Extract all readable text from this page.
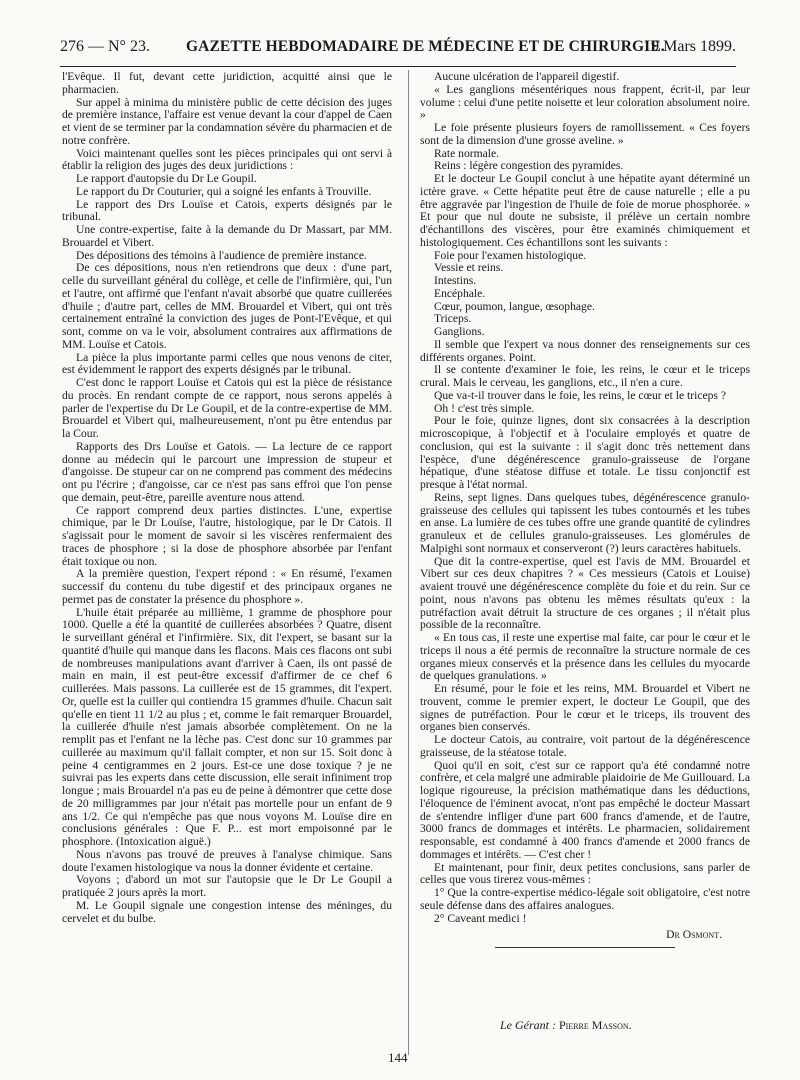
276 — N° 23. GAZETTE HEBDOMADAIRE DE MÉDECINE ET DE CHIRURGIE.
19 Mars 1899.

l'Evêque. Il fut, devant cette juridiction, acquitté ainsi que le pharmacien.

Sur appel à minima du ministère public de cette décision des juges de première instance, l'affaire est venue devant la cour d'appel de Caen et vient de se terminer par la condamnation sévère du pharmacien et de notre confrère.

Voici maintenant quelles sont les pièces principales qui ont servi à établir la religion des juges des deux juridictions :

Le rapport d'autopsie du Dr Le Goupil.

Le rapport du Dr Couturier, qui a soigné les enfants à Trouville.

Le rapport des Drs Louïse et Catois, experts désignés par le tribunal.

Une contre-expertise, faite à la demande du Dr Massart, par MM. Brouardel et Vibert.

Des dépositions des témoins à l'audience de première instance.

De ces dépositions, nous n'en retiendrons que deux : d'une part, celle du surveillant général du collège, et celle de l'infirmière, qui, l'un et l'autre, ont affirmé que l'enfant n'avait absorbé que quatre cuillerées d'huile ; d'autre part, celles de MM. Brouardel et Vibert, qui ont très certainement entraîné la conviction des juges de Pont-l'Evêque, et qui sont, comme on va le voir, absolument contraires aux affirmations de MM. Louïse et Catois.

La pièce la plus importante parmi celles que nous venons de citer, est évidemment le rapport des experts désignés par le tribunal.

C'est donc le rapport Louïse et Catois qui est la pièce de résistance du procès. En rendant compte de ce rapport, nous serons appelés à parler de l'expertise du Dr Le Goupil, et de la contre-expertise de MM. Brouardel et Vibert qui, malheureusement, n'ont pu être entendus par la Cour.

Rapports des Drs Louïse et Gatois. — La lecture de ce rapport donne au médecin qui le parcourt une impression de stupeur et d'angoisse. De stupeur car on ne comprend pas comment des médecins ont pu l'écrire ; d'angoisse, car ce n'est pas sans effroi que l'on pense que demain, peut-être, pareille aventure nous attend.

Ce rapport comprend deux parties distinctes. L'une, expertise chimique, par le Dr Louïse, l'autre, histologique, par le Dr Catois. Il s'agissait pour le moment de savoir si les viscères renfermaient des traces de phosphore ; si la dose de phosphore absorbée par l'enfant était toxique ou non.

A la première question, l'expert répond : « En résumé, l'examen successif du contenu du tube digestif et des principaux organes ne permet pas de constater la présence du phosphore ».

L'huile était préparée au millième, 1 gramme de phosphore pour 1000. Quelle a été la quantité de cuillerées absorbées ? Quatre, disent le surveillant général et l'infirmière. Six, dit l'expert, se basant sur la quantité d'huile qui manque dans les flacons. Mais ces flacons ont subi de nombreuses manipulations avant d'arriver à Caen, ils ont passé de main en main, il est peut-être excessif d'affirmer de ce chef 6 cuillerées. Mais passons. La cuillerée est de 15 grammes, dit l'expert. Or, quelle est la cuiller qui contiendra 15 grammes d'huile. Chacun sait qu'elle en tient 11 1/2 au plus ; et, comme le fait remarquer Brouardel, la cuillerée d'huile n'est jamais absorbée complètement. On ne la remplit pas et l'enfant ne la lèche pas. C'est donc sur 10 grammes par cuillerée au maximum qu'il fallait compter, et non sur 15. Soit donc à peine 4 centigrammes en 2 jours. Est-ce une dose toxique ? je ne suivrai pas les experts dans cette discussion, elle serait infiniment trop longue ; mais Brouardel n'a pas eu de peine à démontrer que cette dose de 20 milligrammes par jour n'était pas mortelle pour un enfant de 9 ans 1/2. Ce qui n'empêche pas que nous voyons M. Louïse dire en conclusions générales : Que F. P... est mort empoisonné par le phosphore. (Intoxication aiguë.)

Nous n'avons pas trouvé de preuves à l'analyse chimique. Sans doute l'examen histologique va nous la donner évidente et certaine.

Voyons ; d'abord un mot sur l'autopsie que le Dr Le Goupil a pratiquée 2 jours après la mort.

M. Le Goupil signale une congestion intense des méninges, du cervelet et du bulbe.

Aucune ulcération de l'appareil digestif.

« Les ganglions mésentériques nous frappent, écrit-il, par leur volume : celui d'une petite noisette et leur coloration absolument noire. »

Le foie présente plusieurs foyers de ramollissement. « Ces foyers sont de la dimension d'une grosse aveline. »

Rate normale.

Reins : légère congestion des pyramides.

Et le docteur Le Goupil conclut à une hépatite ayant déterminé un ictère grave. « Cette hépatite peut être de cause naturelle ; elle a pu être aggravée par l'ingestion de l'huile de foie de morue phosphorée. » Et pour que nul doute ne subsiste, il prélève un certain nombre d'échantillons des viscères, pour être examinés chimiquement et histologiquement. Ces échantillons sont les suivants :

Foie pour l'examen histologique.

Vessie et reins.

Intestins.

Encéphale.

Cœur, poumon, langue, œsophage.

Triceps.

Ganglions.

Il semble que l'expert va nous donner des renseignements sur ces différents organes. Point.

Il se contente d'examiner le foie, les reins, le cœur et le triceps crural. Mais le cerveau, les ganglions, etc., il n'en a cure.

Que va-t-il trouver dans le foie, les reins, le cœur et le triceps ?

Oh ! c'est très simple.

Pour le foie, quinze lignes, dont six consacrées à la description microscopique, à l'objectif et à l'oculaire employés et quatre de conclusion, qui est la suivante : il s'agit donc très nettement dans l'espèce, d'une dégénérescence granulo-graisseuse de l'organe hépatique, d'une stéatose diffuse et totale. Le tissu conjonctif est presque à l'état normal.

Reins, sept lignes. Dans quelques tubes, dégénérescence granulo-graisseuse des cellules qui tapissent les tubes contournés et les tubes en anse. La lumière de ces tubes offre une grande quantité de cylindres granuleux et de cellules granulo-graisseuses. Les glomérules de Malpighi sont normaux et conserveront (?) leurs caractères habituels.

Que dit la contre-expertise, quel est l'avis de MM. Brouardel et Vibert sur ces deux chapitres ? « Ces messieurs (Catois et Louise) avaient trouvé une dégénérescence complète du foie et du rein. Sur ce point, nous n'avons pas obtenu les mêmes résultats qu'eux : la putréfaction avait détruit la structure de ces organes ; il n'était plus possible de la reconnaître.

« En tous cas, il reste une expertise mal faite, car pour le cœur et le triceps il nous a été permis de reconnaître la structure normale de ces organes mieux conservés et la présence dans les cellules du myocarde de quelques granulations. »

En résumé, pour le foie et les reins, MM. Brouardel et Vibert ne trouvent, comme le premier expert, le docteur Le Goupil, que des signes de putréfaction. Pour le cœur et le triceps, ils trouvent des organes bien conservés.

Le docteur Catois, au contraire, voit partout de la dégénérescence graisseuse, de la stéatose totale.

Quoi qu'il en soit, c'est sur ce rapport qu'a été condamné notre confrère, et cela malgré une admirable plaidoirie de Me Guillouard. La logique rigoureuse, la précision mathématique dans les déductions, l'éloquence de l'éminent avocat, n'ont pas empêché le docteur Massart de s'entendre infliger d'une part 600 francs d'amende, et de l'autre, 3000 francs de dommages et intérêts. Le pharmacien, solidairement responsable, est condamné à 400 francs d'amende et 2000 francs de dommages et intérêts. — C'est cher !

Et maintenant, pour finir, deux petites conclusions, sans parler de celles que vous tirerez vous-mêmes :

1° Que la contre-expertise médico-légale soit obligatoire, c'est notre seule défense dans des affaires analogues.

2° Caveant medici !

Dr Osmont.
Le Gérant : Pierre Masson.
144
